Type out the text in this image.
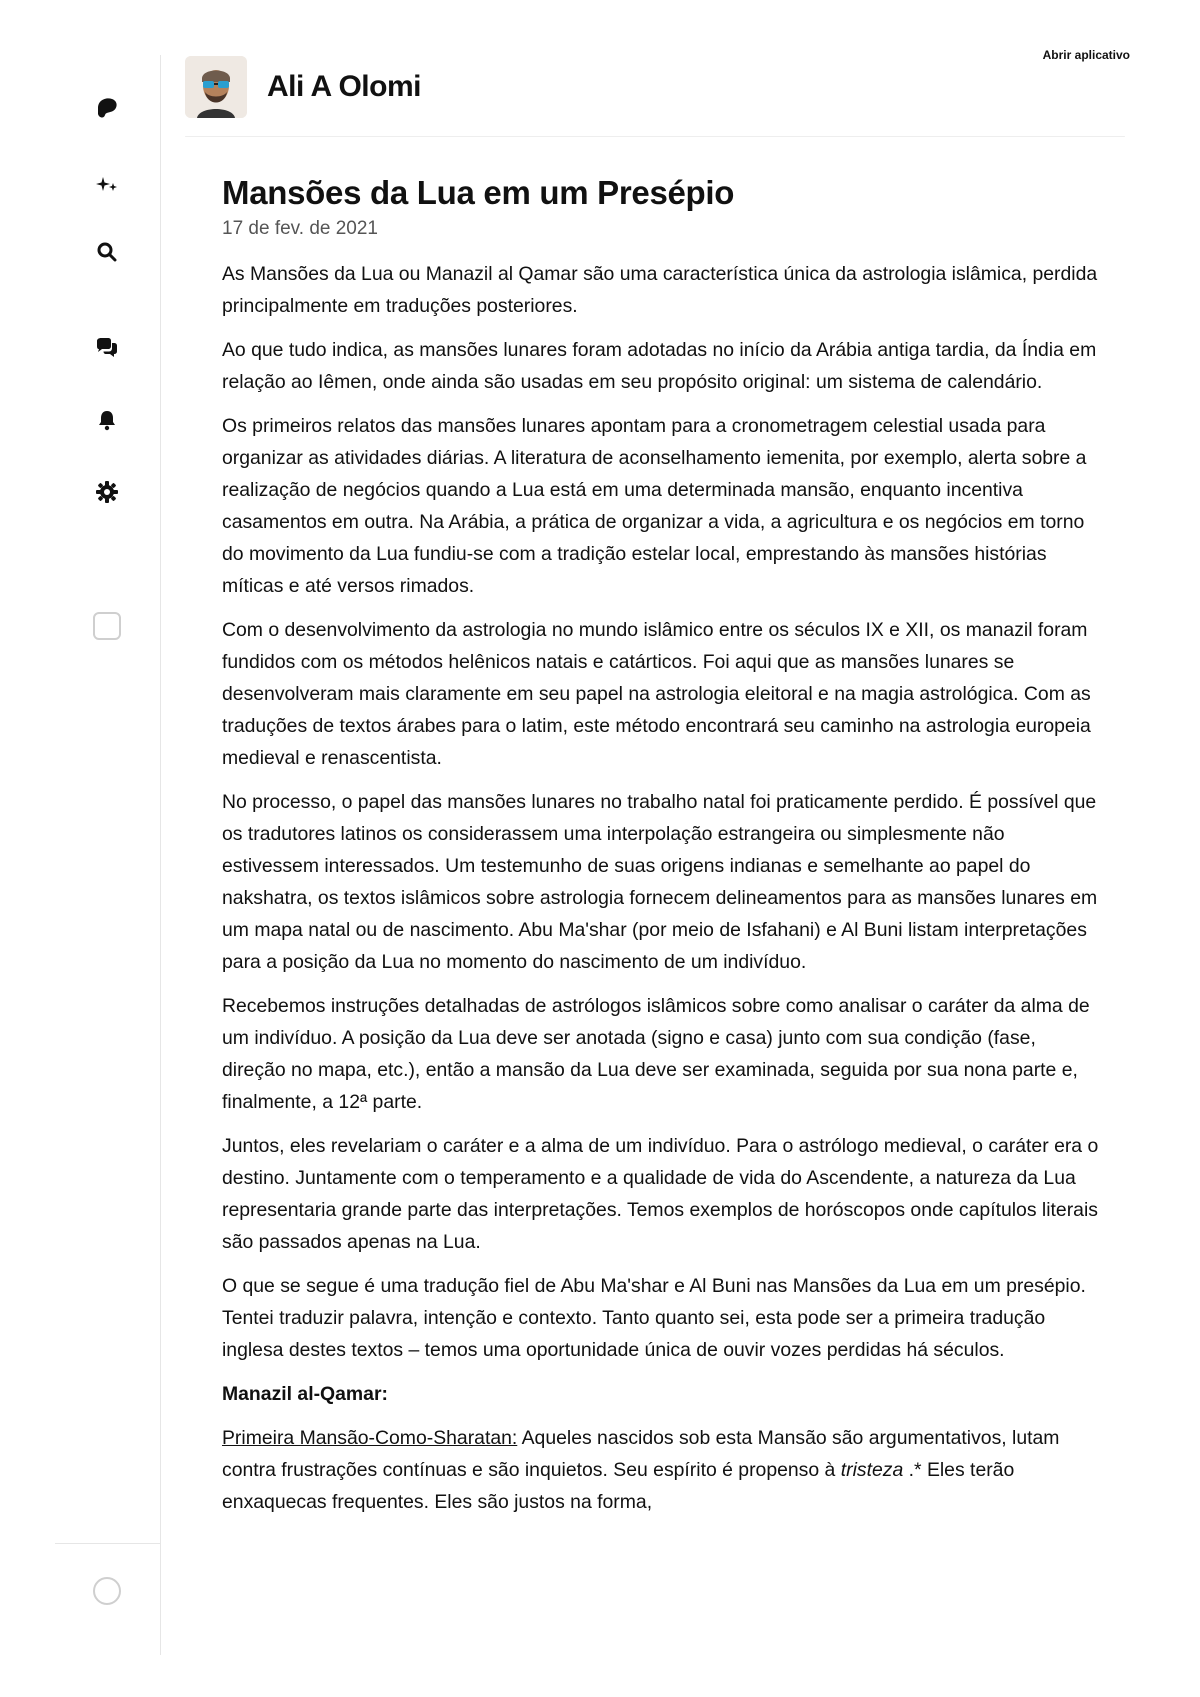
Abrir aplicativo
Ali A Olomi
Mansões da Lua em um Presépio
17 de fev. de 2021

As Mansões da Lua ou Manazil al Qamar são uma característica única da astrologia islâmica, perdida principalmente em traduções posteriores.

Ao que tudo indica, as mansões lunares foram adotadas no início da Arábia antiga tardia, da Índia em relação ao Iêmen, onde ainda são usadas em seu propósito original: um sistema de calendário.

Os primeiros relatos das mansões lunares apontam para a cronometragem celestial usada para organizar as atividades diárias. A literatura de aconselhamento iemenita, por exemplo, alerta sobre a realização de negócios quando a Lua está em uma determinada mansão, enquanto incentiva casamentos em outra. Na Arábia, a prática de organizar a vida, a agricultura e os negócios em torno do movimento da Lua fundiu-se com a tradição estelar local, emprestando às mansões histórias míticas e até versos rimados.

Com o desenvolvimento da astrologia no mundo islâmico entre os séculos IX e XII, os manazil foram fundidos com os métodos helênicos natais e catárticos. Foi aqui que as mansões lunares se desenvolveram mais claramente em seu papel na astrologia eleitoral e na magia astrológica. Com as traduções de textos árabes para o latim, este método encontrará seu caminho na astrologia europeia medieval e renascentista.

No processo, o papel das mansões lunares no trabalho natal foi praticamente perdido. É possível que os tradutores latinos os considerassem uma interpolação estrangeira ou simplesmente não estivessem interessados. Um testemunho de suas origens indianas e semelhante ao papel do nakshatra, os textos islâmicos sobre astrologia fornecem delineamentos para as mansões lunares em um mapa natal ou de nascimento. Abu Ma'shar (por meio de Isfahani) e Al Buni listam interpretações para a posição da Lua no momento do nascimento de um indivíduo.

Recebemos instruções detalhadas de astrólogos islâmicos sobre como analisar o caráter da alma de um indivíduo. A posição da Lua deve ser anotada (signo e casa) junto com sua condição (fase, direção no mapa, etc.), então a mansão da Lua deve ser examinada, seguida por sua nona parte e, finalmente, a 12ª parte.

Juntos, eles revelariam o caráter e a alma de um indivíduo. Para o astrólogo medieval, o caráter era o destino. Juntamente com o temperamento e a qualidade de vida do Ascendente, a natureza da Lua representaria grande parte das interpretações. Temos exemplos de horóscopos onde capítulos literais são passados apenas na Lua.

O que se segue é uma tradução fiel de Abu Ma'shar e Al Buni nas Mansões da Lua em um presépio. Tentei traduzir palavra, intenção e contexto. Tanto quanto sei, esta pode ser a primeira tradução inglesa destes textos – temos uma oportunidade única de ouvir vozes perdidas há séculos.

Manazil al-Qamar:

Primeira Mansão-Como-Sharatan: Aqueles nascidos sob esta Mansão são argumentativos, lutam contra frustrações contínuas e são inquietos. Seu espírito é propenso à tristeza .* Eles terão enxaquecas frequentes. Eles são justos na forma,
